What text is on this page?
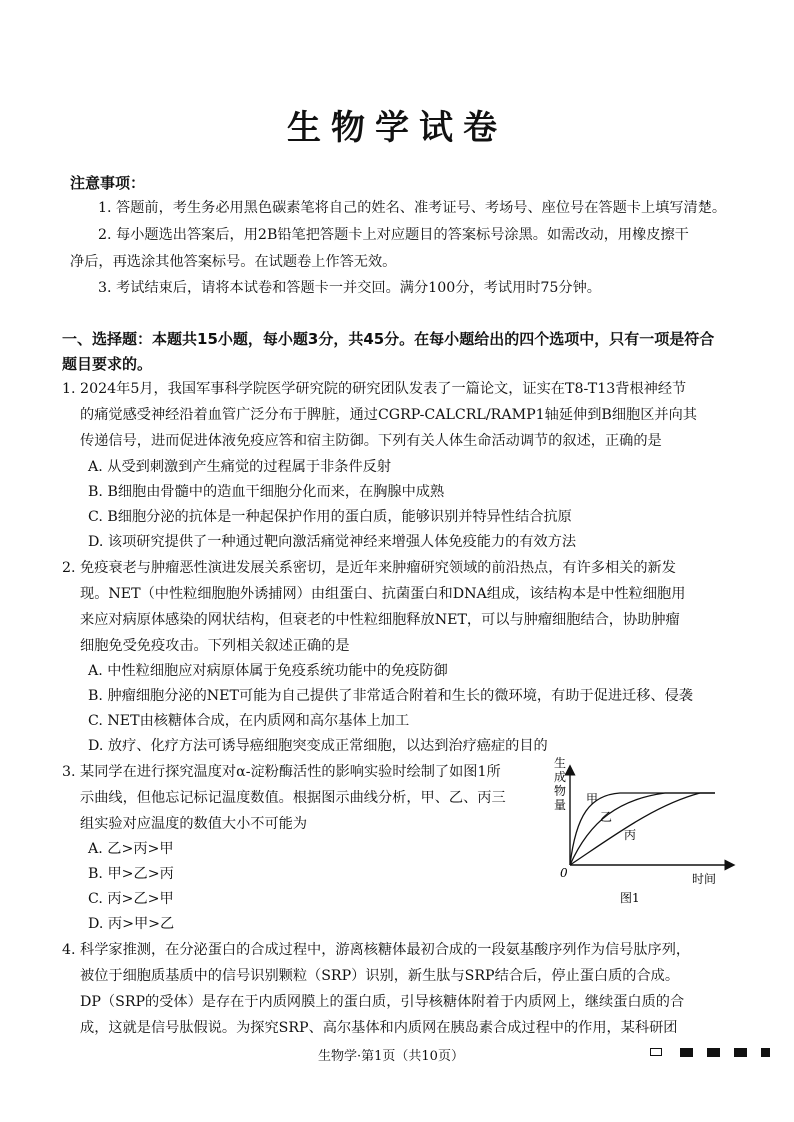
生物学试卷
注意事项：
1. 答题前，考生务必用黑色碳素笔将自己的姓名、准考证号、考场号、座位号在答题卡上填写清楚。
2. 每小题选出答案后，用2B铅笔把答题卡上对应题目的答案标号涂黑。如需改动，用橡皮擦干
净后，再选涂其他答案标号。在试题卷上作答无效。
3. 考试结束后，请将本试卷和答题卡一并交回。满分100分，考试用时75分钟。
一、选择题：本题共15小题，每小题3分，共45分。在每小题给出的四个选项中，只有一项是符合
题目要求的。
1. 2024年5月，我国军事科学院医学研究院的研究团队发表了一篇论文，证实在T8-T13背根神经节
的痛觉感受神经沿着血管广泛分布于脾脏，通过CGRP-CALCRL/RAMP1轴延伸到B细胞区并向其
传递信号，进而促进体液免疫应答和宿主防御。下列有关人体生命活动调节的叙述，正确的是
A. 从受到刺激到产生痛觉的过程属于非条件反射
B. B细胞由骨髓中的造血干细胞分化而来，在胸腺中成熟
C. B细胞分泌的抗体是一种起保护作用的蛋白质，能够识别并特异性结合抗原
D. 该项研究提供了一种通过靶向激活痛觉神经来增强人体免疫能力的有效方法
2. 免疫衰老与肿瘤恶性演进发展关系密切，是近年来肿瘤研究领域的前沿热点，有许多相关的新发
现。NET（中性粒细胞胞外诱捕网）由组蛋白、抗菌蛋白和DNA组成，该结构本是中性粒细胞用
来应对病原体感染的网状结构，但衰老的中性粒细胞释放NET，可以与肿瘤细胞结合，协助肿瘤
细胞免受免疫攻击。下列相关叙述正确的是
A. 中性粒细胞应对病原体属于免疫系统功能中的免疫防御
B. 肿瘤细胞分泌的NET可能为自己提供了非常适合附着和生长的微环境，有助于促进迁移、侵袭
C. NET由核糖体合成，在内质网和高尔基体上加工
D. 放疗、化疗方法可诱导癌细胞突变成正常细胞，以达到治疗癌症的目的
3. 某同学在进行探究温度对α-淀粉酶活性的影响实验时绘制了如图1所
示曲线，但他忘记标记温度数值。根据图示曲线分析，甲、乙、丙三
组实验对应温度的数值大小不可能为
A. 乙>丙>甲
B. 甲>乙>丙
C. 丙>乙>甲
D. 丙>甲>乙
生
成
物
量
0	时间
甲
乙
丙
图1
4. 科学家推测，在分泌蛋白的合成过程中，游离核糖体最初合成的一段氨基酸序列作为信号肽序列，
被位于细胞质基质中的信号识别颗粒（SRP）识别，新生肽与SRP结合后，停止蛋白质的合成。
DP（SRP的受体）是存在于内质网膜上的蛋白质，引导核糖体附着于内质网上，继续蛋白质的合
成，这就是信号肽假说。为探究SRP、高尔基体和内质网在胰岛素合成过程中的作用，某科研团
生物学·第1页（共10页）
